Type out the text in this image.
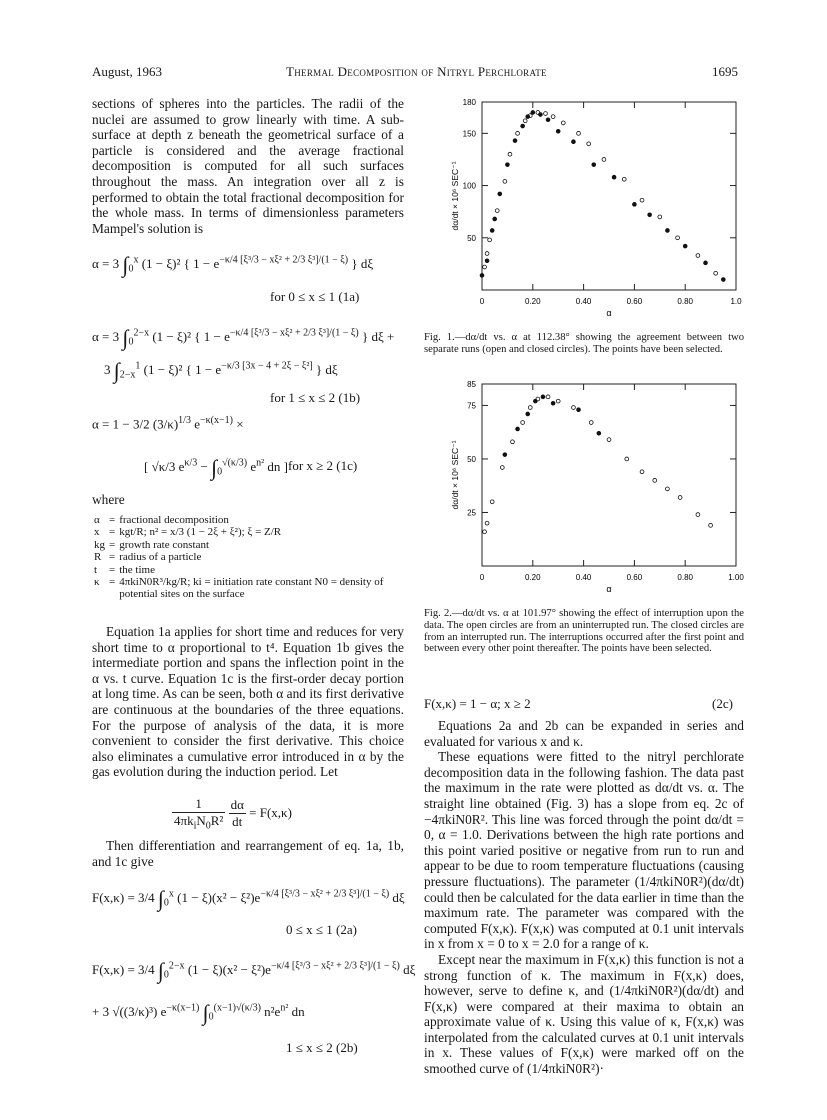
August, 1963	Thermal Decomposition of Nitryl Perchlorate	1695

sections of spheres into the particles. The radii of the nuclei are assumed to grow linearly with time. A sub-surface at depth z beneath the geometrical surface of a particle is considered and the average fractional decomposition is computed for all such surfaces throughout the mass. An integration over all z is performed to obtain the total fractional decomposition for the whole mass. In terms of dimensionless parameters Mampel's solution is

α = 3 $\int_0^x$ (1 − ξ)² { $1 - e^{-\kappa/4 [\xi^3/3 - x\xi^2 + 2/3 \xi^3]/(1 - \xi)}$ } dξ
for 0 ≤ x ≤ 1 (1a)
α = 3 $\int_0^{2-x}$ (1 − ξ)² { $1 - e^{-\kappa/4 [\xi^3/3 - x\xi^2 + 2/3 \xi^3]/(1 - \xi)}$ } dξ +
3 $\int_{2-x}^1$ (1 − ξ)² { $1 - e^{-\kappa/3 [3x - 4 + 2\xi - \xi^2]}$ } dξ
for 1 ≤ x ≤ 2 (1b)
α = 1 − 3/2 $(3/\kappa)^{1/3}$ $e^{-\kappa(x-1)}$ ×
[ √κ/3 $e^{\kappa/3} - \int_0^{√(\kappa/3)}$ $e^{n^2}$ dn ] for x ≥ 2 (1c)
where
α	=	fractional decomposition
x	=	kgt/R; n² = x/3 (1 − 2ξ + ξ²); ξ = Z/R
kg	=	growth rate constant
R	=	radius of a particle
t	=	the time
κ	=	4πkiN0R³/kg/R; ki = initiation rate constant N0 = density of potential sites on the surface

Equation 1a applies for short time and reduces for very short time to α proportional to t⁴. Equation 1b gives the intermediate portion and spans the inflection point in the α vs. t curve. Equation 1c is the first-order decay portion at long time. As can be seen, both α and its first derivative are continuous at the boundaries of the three equations. For the purpose of analysis of the data, it is more convenient to consider the first derivative. This choice also eliminates a cumulative error introduced in α by the gas evolution during the induction period. Let

$\frac{1}{4\pi k_iN_0R^2}$
$\frac{d\alpha}{dt} = F(x,\kappa)$

Then differentiation and rearrangement of eq. 1a, 1b, and 1c give

F(x,κ) = 3/4 $\int_0^x$ $(1 - \xi)(x^2 - \xi^2)e^{-\kappa/4 [\xi^3/3 - x\xi^2 + 2/3 \xi^3]/(1 - \xi)}$ dξ
0 ≤ x ≤ 1 (2a)
F(x,κ) = 3/4 $\int_0^{2-x}$ $(1 - \xi)(x^2 - \xi^2)e^{-\kappa/4 [\xi^3/3 - x\xi^2 + 2/3 \xi^3]/(1 - \xi)}$ dξ
+ 3 √((3/κ)³) $e^{-\kappa(x-1)}$ $\int_0^{(x-1)√(\kappa/3)}$ $n^2e^{n^2}$ dn
1 ≤ x ≤ 2 (2b)
0	0.20	0.40	0.60	0.80	1.0
50
100
150
180
α
dα/dt × 10⁶ SEC⁻¹
Fig. 1.—dα/dt vs. α at 112.38° showing the agreement between two separate runs (open and closed circles). The points have been selected.
0	0.20	0.40	0.60	0.80	1.00
25
50
75
85
α
dα/dt × 10⁶ SEC⁻¹
Fig. 2.—dα/dt vs. α at 101.97° showing the effect of interruption upon the data. The open circles are from an uninterrupted run. The closed circles are from an interrupted run. The interruptions occurred after the first point and between every other point thereafter. The points have been selected.
F(x,κ) = 1 − α; x ≥ 2	(2c)

Equations 2a and 2b can be expanded in series and evaluated for various x and κ.

These equations were fitted to the nitryl perchlorate decomposition data in the following fashion. The data past the maximum in the rate were plotted as dα/dt vs. α. The straight line obtained (Fig. 3) has a slope from eq. 2c of −4πkiN0R². This line was forced through the point dα/dt = 0, α = 1.0. Derivations between the high rate portions and this point varied positive or negative from run to run and appear to be due to room temperature fluctuations (causing pressure fluctuations). The parameter (1/4πkiN0R²)(dα/dt) could then be calculated for the data earlier in time than the maximum rate. The parameter was compared with the computed F(x,κ). F(x,κ) was computed at 0.1 unit intervals in x from x = 0 to x = 2.0 for a range of κ.

Except near the maximum in F(x,κ) this function is not a strong function of κ. The maximum in F(x,κ) does, however, serve to define κ, and (1/4πkiN0R²)(dα/dt) and F(x,κ) were compared at their maxima to obtain an approximate value of κ. Using this value of κ, F(x,κ) was interpolated from the calculated curves at 0.1 unit intervals in x. These values of F(x,κ) were marked off on the smoothed curve of (1/4πkiN0R²)·
